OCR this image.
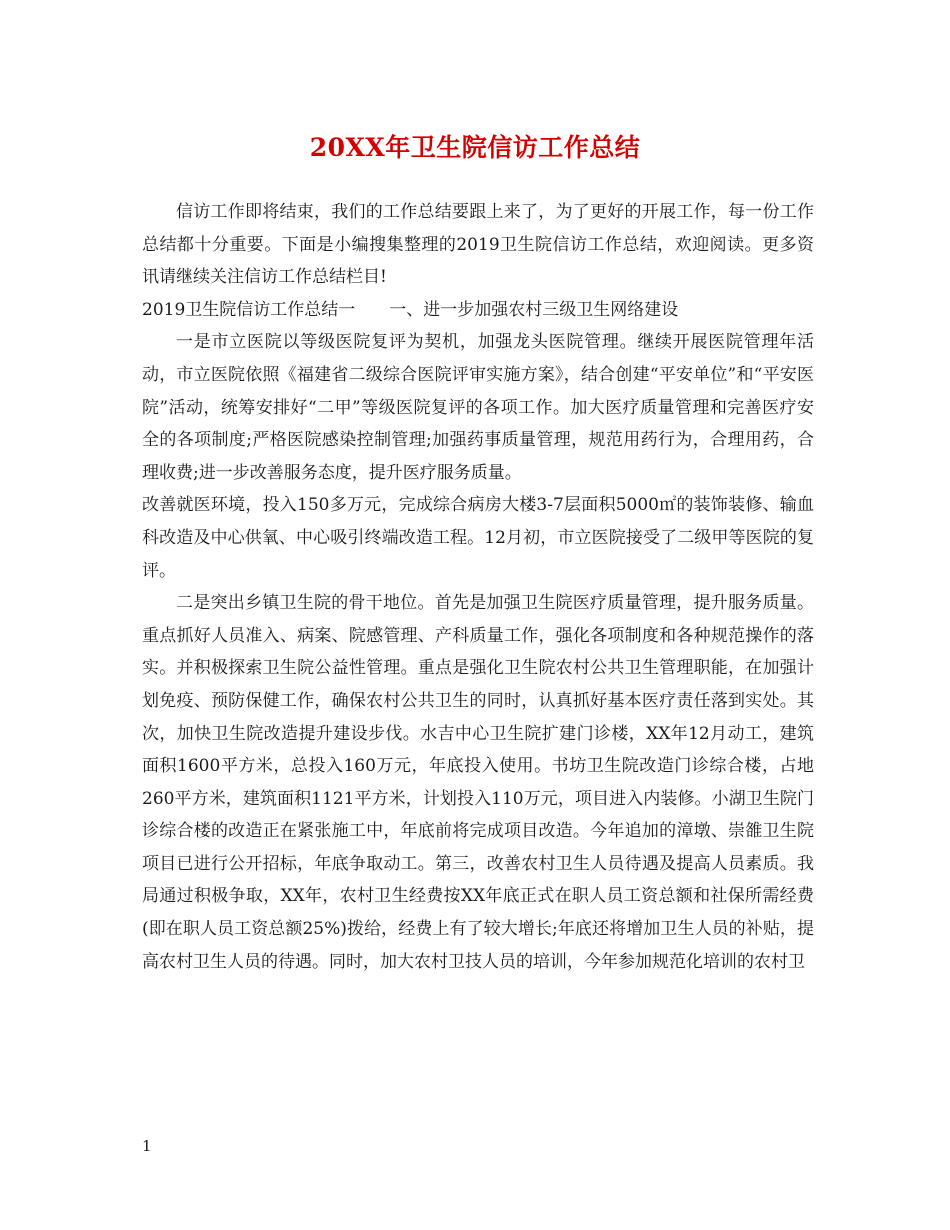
20XX年卫生院信访工作总结

信访工作即将结束，我们的工作总结要跟上来了，为了更好的开展工作，每一份工作总结都十分重要。下面是小编搜集整理的2019卫生院信访工作总结，欢迎阅读。更多资讯请继续关注信访工作总结栏目!

2019卫生院信访工作总结一 一、进一步加强农村三级卫生网络建设

一是市立医院以等级医院复评为契机，加强龙头医院管理。继续开展医院管理年活动，市立医院依照《福建省二级综合医院评审实施方案》，结合创建“平安单位”和“平安医院”活动，统筹安排好“二甲”等级医院复评的各项工作。加大医疗质量管理和完善医疗安全的各项制度;严格医院感染控制管理;加强药事质量管理，规范用药行为，合理用药，合理收费;进一步改善服务态度，提升医疗服务质量。

改善就医环境，投入150多万元，完成综合病房大楼3-7层面积5000㎡的装饰装修、输血科改造及中心供氧、中心吸引终端改造工程。12月初，市立医院接受了二级甲等医院的复评。

二是突出乡镇卫生院的骨干地位。首先是加强卫生院医疗质量管理，提升服务质量。重点抓好人员准入、病案、院感管理、产科质量工作，强化各项制度和各种规范操作的落实。并积极探索卫生院公益性管理。重点是强化卫生院农村公共卫生管理职能，在加强计划免疫、预防保健工作，确保农村公共卫生的同时，认真抓好基本医疗责任落到实处。其次，加快卫生院改造提升建设步伐。水吉中心卫生院扩建门诊楼，XX年12月动工，建筑面积1600平方米，总投入160万元，年底投入使用。书坊卫生院改造门诊综合楼，占地260平方米，建筑面积1121平方米，计划投入110万元，项目进入内装修。小湖卫生院门诊综合楼的改造正在紧张施工中，年底前将完成项目改造。今年追加的漳墩、崇雒卫生院项目已进行公开招标，年底争取动工。第三，改善农村卫生人员待遇及提高人员素质。我局通过积极争取，XX年，农村卫生经费按XX年底正式在职人员工资总额和社保所需经费(即在职人员工资总额25%)拨给，经费上有了较大增长;年底还将增加卫生人员的补贴，提高农村卫生人员的待遇。同时，加大农村卫技人员的培训，今年参加规范化培训的农村卫

1
